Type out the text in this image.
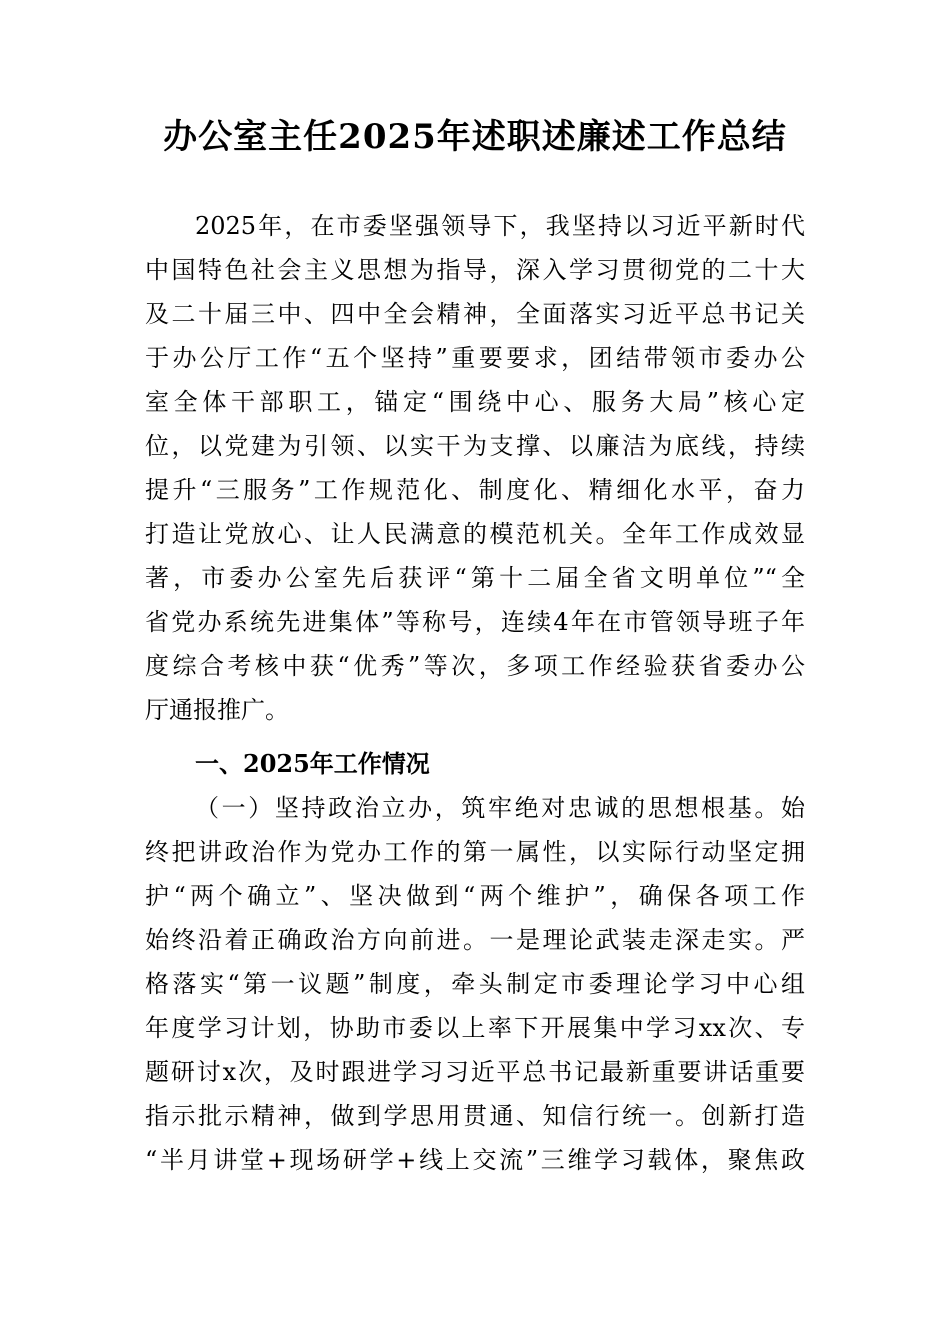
办公室主任2025年述职述廉述工作总结
2025年，在市委坚强领导下，我坚持以习近平新时代
中国特色社会主义思想为指导，深入学习贯彻党的二十大
及二十届三中、四中全会精神，全面落实习近平总书记关
于办公厅工作“五个坚持”重要要求，团结带领市委办公
室全体干部职工，锚定“围绕中心、服务大局”核心定
位，以党建为引领、以实干为支撑、以廉洁为底线，持续
提升“三服务”工作规范化、制度化、精细化水平，奋力
打造让党放心、让人民满意的模范机关。全年工作成效显
著，市委办公室先后获评“第十二届全省文明单位”“全
省党办系统先进集体”等称号，连续4年在市管领导班子年
度综合考核中获“优秀”等次，多项工作经验获省委办公
厅通报推广。
一、2025年工作情况
（一）坚持政治立办，筑牢绝对忠诚的思想根基。始
终把讲政治作为党办工作的第一属性，以实际行动坚定拥
护“两个确立”、坚决做到“两个维护”，确保各项工作
始终沿着正确政治方向前进。一是理论武装走深走实。严
格落实“第一议题”制度，牵头制定市委理论学习中心组
年度学习计划，协助市委以上率下开展集中学习xx次、专
题研讨x次，及时跟进学习习近平总书记最新重要讲话重要
指示批示精神，做到学思用贯通、知信行统一。创新打造
“半月讲堂+现场研学+线上交流”三维学习载体，聚焦政
